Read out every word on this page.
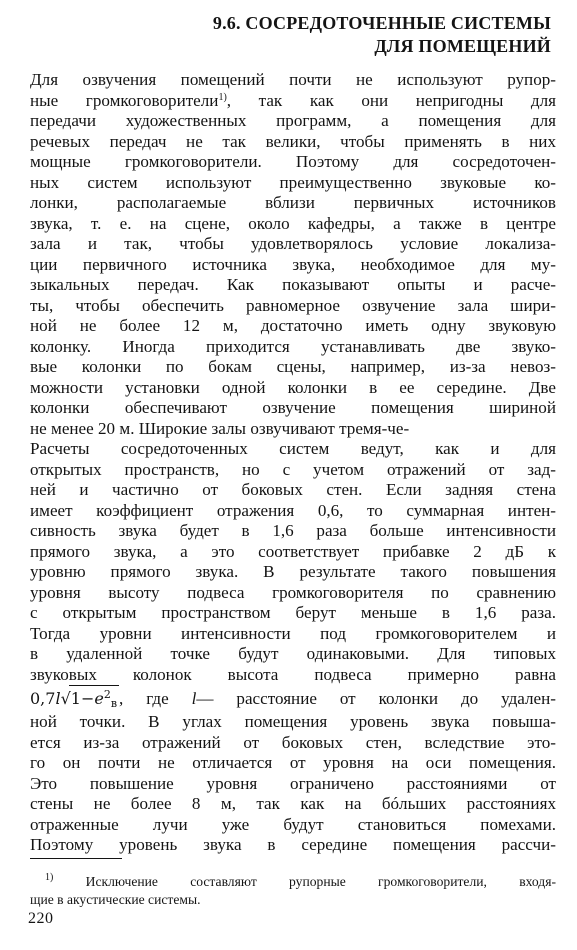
9.6. СОСРЕДОТОЧЕННЫЕ СИСТЕМЫ
ДЛЯ ПОМЕЩЕНИЙ
Для озвучения помещений почти не используют рупор-
ные громкоговорители$^{1)}$, так как они непригодны для
передачи художественных программ, а помещения для
речевых передач не так велики, чтобы применять в них
мощные громкоговорители. Поэтому для сосредоточен-
ных систем используют преимущественно звуковые ко-
лонки, располагаемые вблизи первичных источников
звука, т. е. на сцене, около кафедры, а также в центре
зала и так, чтобы удовлетворялось условие локализа-
ции первичного источника звука, необходимое для му-
зыкальных передач. Как показывают опыты и расче-
ты, чтобы обеспечить равномерное озвучение зала шири-
ной не более 12 м, достаточно иметь одну звуковую
колонку. Иногда приходится устанавливать две звуко-
вые колонки по бокам сцены, например, из-за невоз-
можности установки одной колонки в ее середине. Две
колонки обеспечивают озвучение помещения шириной
не менее 20 м. Широкие залы озвучивают тремя-че-
Расчеты сосредоточенных систем ведут, как и для
открытых пространств, но с учетом отражений от зад-
ней и частично от боковых стен. Если задняя стена
имеет коэффициент отражения 0,6, то суммарная интен-
сивность звука будет в 1,6 раза больше интенсивности
прямого звука, а это соответствует прибавке 2 дБ к
уровню прямого звука. В результате такого повышения
уровня высоту подвеса громкоговорителя по сравнению
с открытым пространством берут меньше в 1,6 раза.
Тогда уровни интенсивности под громкоговорителем и
в удаленной точке будут одинаковыми. Для типовых
звуковых колонок высота подвеса примерно равна
$0,7l√1-e^2_в$ , где l— расстояние от колонки до удален-
ной точки. В углах помещения уровень звука повыша-
ется из-за отражений от боковых стен, вследствие это-
го он почти не отличается от уровня на оси помещения.
Это повышение уровня ограничено расстояниями от
стены не более 8 м, так как на бóльших расстояниях
отраженные лучи уже будут становиться помехами.
Поэтому уровень звука в середине помещения рассчи-
$^{1)}$ Исключение составляют рупорные громкоговорители, входя-
щие в акустические системы.
220
